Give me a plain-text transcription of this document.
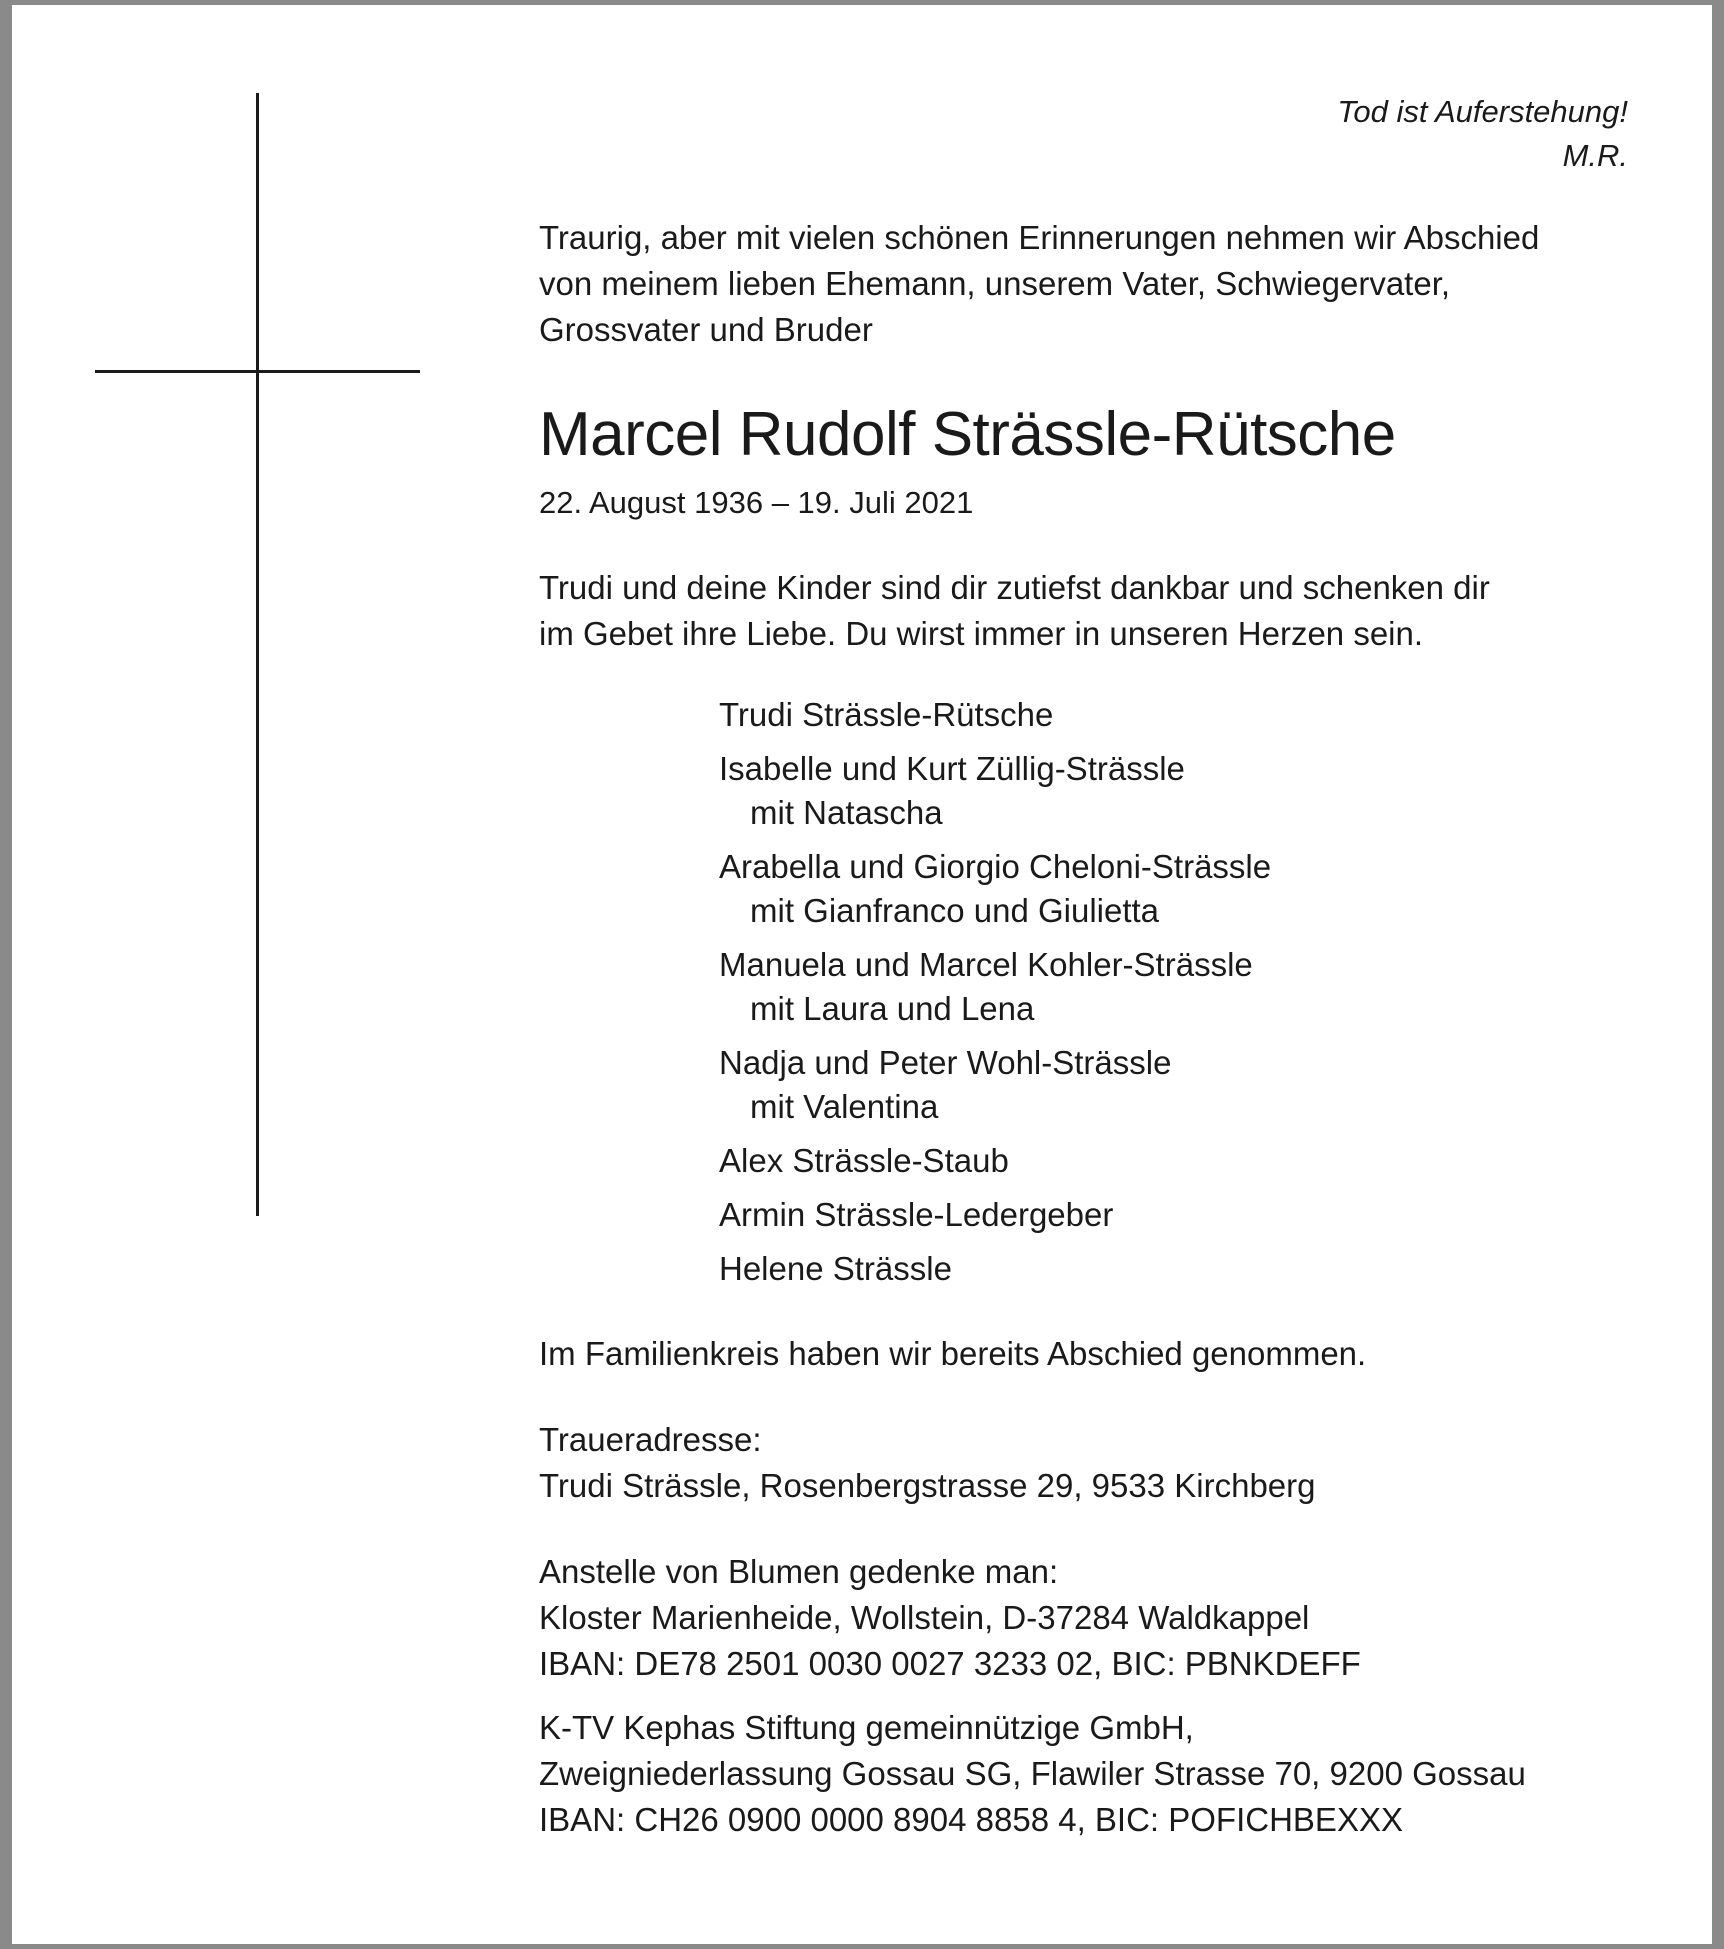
Tod ist Auferstehung!
M.R.

Traurig, aber mit vielen schönen Erinnerungen nehmen wir Abschied
von meinem lieben Ehemann, unserem Vater, Schwiegervater,
Grossvater und Bruder

Marcel Rudolf Strässle-Rütsche

22. August 1936 – 19. Juli 2021

Trudi und deine Kinder sind dir zutiefst dankbar und schenken dir
im Gebet ihre Liebe. Du wirst immer in unseren Herzen sein.

Trudi Strässle-Rütsche
Isabelle und Kurt Züllig-Strässle
mit Natascha
Arabella und Giorgio Cheloni-Strässle
mit Gianfranco und Giulietta
Manuela und Marcel Kohler-Strässle
mit Laura und Lena
Nadja und Peter Wohl-Strässle
mit Valentina
Alex Strässle-Staub
Armin Strässle-Ledergeber
Helene Strässle

Im Familienkreis haben wir bereits Abschied genommen.

Traueradresse:
Trudi Strässle, Rosenbergstrasse 29, 9533 Kirchberg

Anstelle von Blumen gedenke man:
Kloster Marienheide, Wollstein, D-37284 Waldkappel
IBAN: DE78 2501 0030 0027 3233 02, BIC: PBNKDEFF

K-TV Kephas Stiftung gemeinnützige GmbH,
Zweigniederlassung Gossau SG, Flawiler Strasse 70, 9200 Gossau
IBAN: CH26 0900 0000 8904 8858 4, BIC: POFICHBEXXX
